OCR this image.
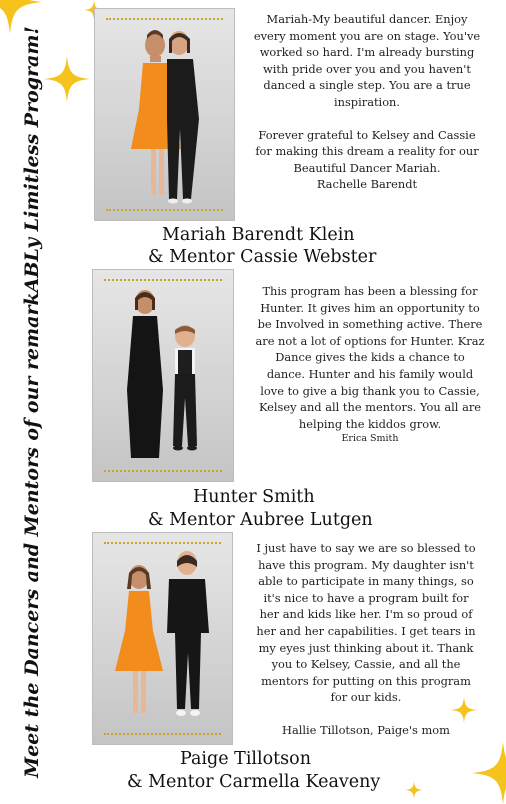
Meet the Dancers and Mentors of our remarkABLy Limitless Program!

Mariah-My beautiful dancer. Enjoy every moment you are on stage. You've worked so hard. I'm already bursting with pride over you and you haven't danced a single step. You are a true inspiration.

Forever grateful to Kelsey and Cassie for making this dream a reality for our Beautiful Dancer Mariah.

Rachelle Barendt

Mariah Barendt Klein
& Mentor Cassie Webster

This program has been a blessing for Hunter. It gives him an opportunity to be Involved in something active. There are not a lot of options for Hunter. Kraz Dance gives the kids a chance to dance. Hunter and his family would love to give a big thank you to Cassie, Kelsey and all the mentors. You all are helping the kiddos grow.

Erica Smith

Hunter Smith
& Mentor Aubree Lutgen

I just have to say we are so blessed to have this program. My daughter isn't able to participate in many things, so it's nice to have a program built for her and kids like her. I'm so proud of her and her capabilities. I get tears in my eyes just thinking about it. Thank you to Kelsey, Cassie, and all the mentors for putting on this program for our kids.

Hallie Tillotson, Paige's mom

Paige Tillotson
& Mentor Carmella Keaveny
